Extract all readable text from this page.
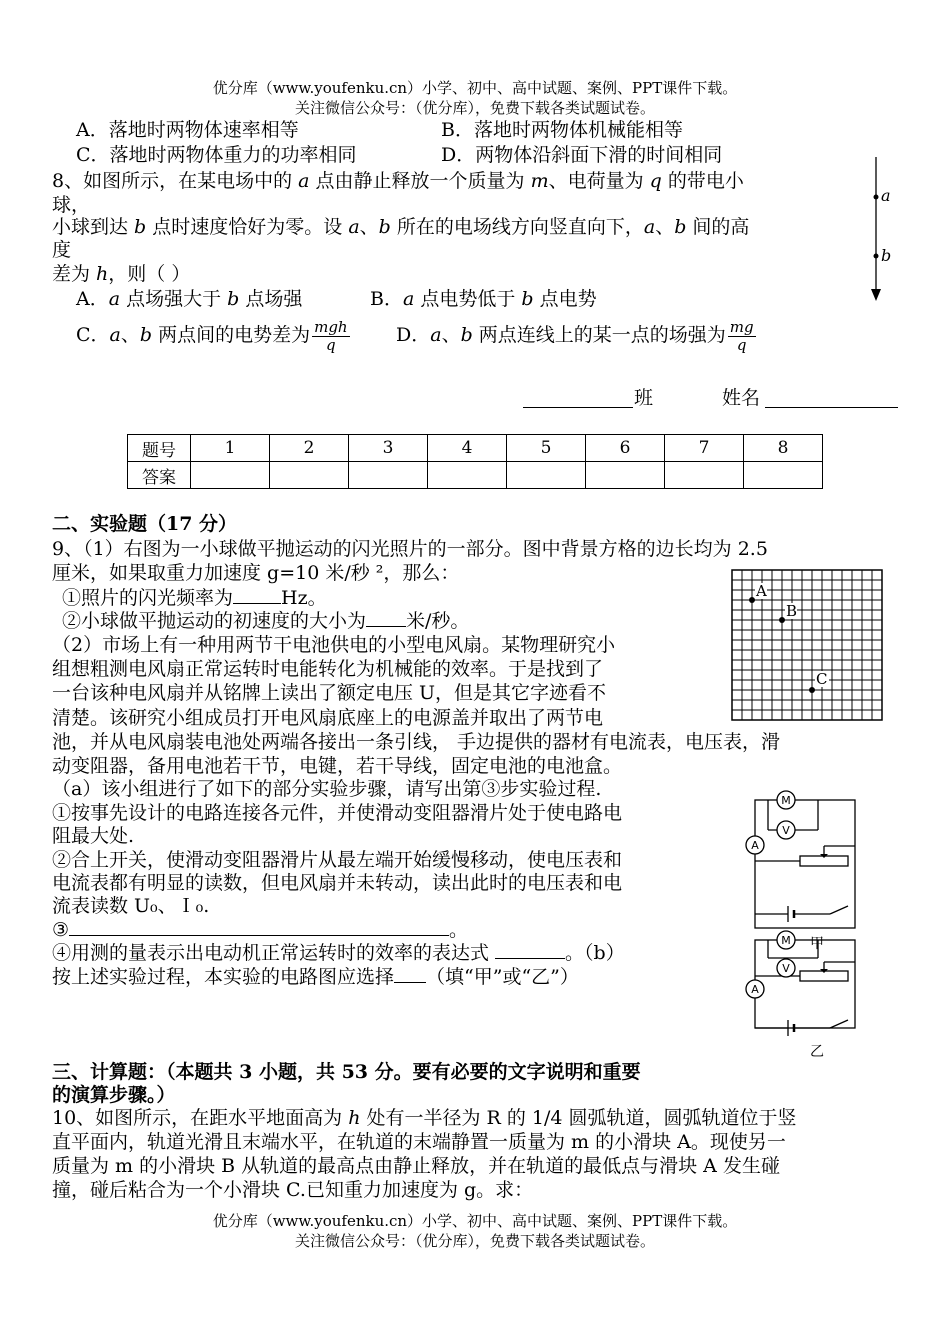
优分库（www.youfenku.cn）小学、初中、高中试题、案例、PPT课件下载。
关注微信公众号：（优分库），免费下载各类试题试卷。
A．落地时两物体速率相等	B．落地时两物体机械能相等
C．落地时两物体重力的功率相同	D．两物体沿斜面下滑的时间相同
8、如图所示，在某电场中的 a 点由静止释放一个质量为 m、电荷量为 q 的带电小
球，
小球到达 b 点时速度恰好为零。设 a、b 所在的电场线方向竖直向下，a、b 间的高
度
差为 h，则（ ）
A．a 点场强大于 b 点场强	B．a 点电势低于 b 点电势
C．a、b 两点间的电势差为 $\frac{\text{mgh}}{q}$ D．a、b 两点连线上的某一点的场强为 $\frac{mg}{q}$
a
b
班	姓名
题号	1	2	3	4	5	6	7	8
答案								
二、实验题（17 分）
9、（1）右图为一小球做平抛运动的闪光照片的一部分。图中背景方格的边长均为 2.5
厘米，如果取重力加速度 g=10 米/秒 ²，那么：
①照片的闪光频率为	Hz。
②小球做平抛运动的初速度的大小为 米/秒。
（2）市场上有一种用两节干电池供电的小型电风扇。某物理研究小
组想粗测电风扇正常运转时电能转化为机械能的效率。于是找到了
一台该种电风扇并从铭牌上读出了额定电压 U，但是其它字迹看不
清楚。该研究小组成员打开电风扇底座上的电源盖并取出了两节电
池，并从电风扇装电池处两端各接出一条引线， 手边提供的器材有电流表，电压表，滑
动变阻器，备用电池若干节，电键，若干导线，固定电池的电池盒。
（a）该小组进行了如下的部分实验步骤，请写出第③步实验过程.
①按事先设计的电路连接各元件，并使滑动变阻器滑片处于使电路电
阻最大处.
②合上开关，使滑动变阻器滑片从最左端开始缓慢移动，使电压表和
电流表都有明显的读数，但电风扇并未转动，读出此时的电压表和电
流表读数 U₀、Ｉ₀.
③	。
④用测的量表示出电动机正常运转时的效率的表达式	。（b）
按上述实验过程，本实验的电路图应选择 （填“甲”或“乙”）
A
B
C
M
V
A
M
V
A
甲
乙
三、计算题：（本题共 3 小题，共 53 分。要有必要的文字说明和重要
的演算步骤。）
10、如图所示，在距水平地面高为 h 处有一半径为 R 的 1/4 圆弧轨道，圆弧轨道位于竖
直平面内，轨道光滑且末端水平，在轨道的末端静置一质量为 m 的小滑块 A。现使另一
质量为 m 的小滑块 B 从轨道的最高点由静止释放，并在轨道的最低点与滑块 A 发生碰
撞，碰后粘合为一个小滑块 C.已知重力加速度为 g。求：
优分库（www.youfenku.cn）小学、初中、高中试题、案例、PPT课件下载。
关注微信公众号：（优分库），免费下载各类试题试卷。
